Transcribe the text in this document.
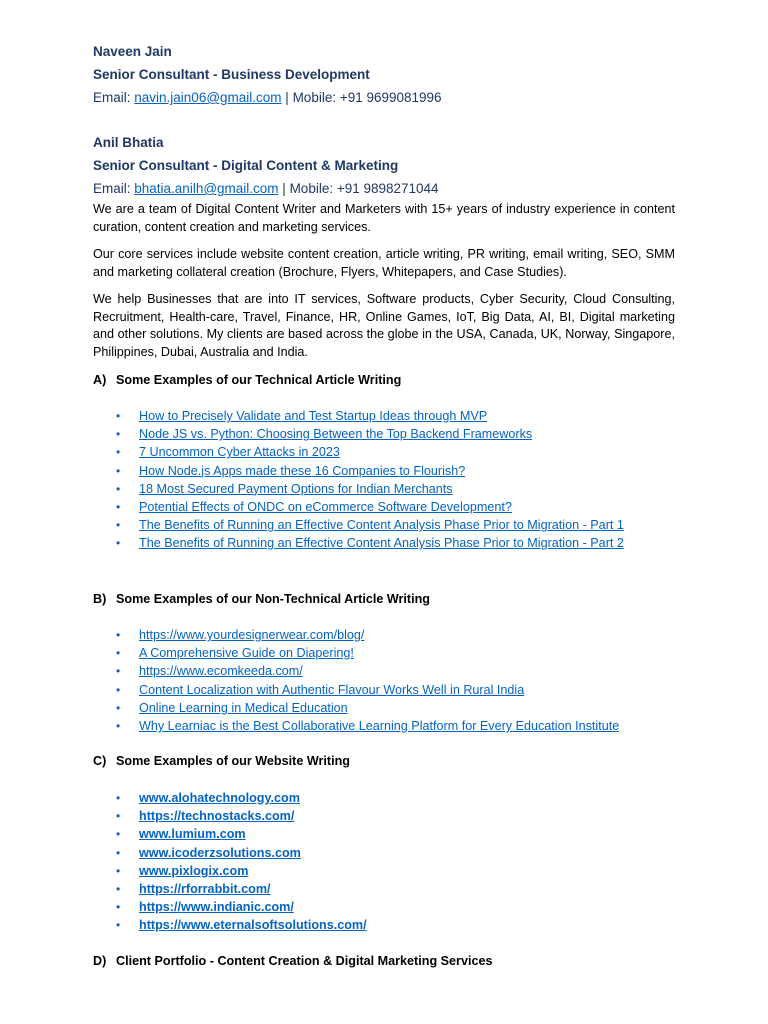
Naveen Jain
Senior Consultant - Business Development
Email: navin.jain06@gmail.com | Mobile: +91 9699081996
Anil Bhatia
Senior Consultant - Digital Content & Marketing
Email: bhatia.anilh@gmail.com | Mobile: +91 9898271044

We are a team of Digital Content Writer and Marketers with 15+ years of industry experience in content curation, content creation and marketing services.

Our core services include website content creation, article writing, PR writing, email writing, SEO, SMM and marketing collateral creation (Brochure, Flyers, Whitepapers, and Case Studies).

We help Businesses that are into IT services, Software products, Cyber Security, Cloud Consulting, Recruitment, Health-care, Travel, Finance, HR, Online Games, IoT, Big Data, AI, BI, Digital marketing and other solutions. My clients are based across the globe in the USA, Canada, UK, Norway, Singapore, Philippines, Dubai, Australia and India.

A) Some Examples of our Technical Article Writing
• How to Precisely Validate and Test Startup Ideas through MVP
• Node JS vs. Python: Choosing Between the Top Backend Frameworks
• 7 Uncommon Cyber Attacks in 2023
• How Node.js Apps made these 16 Companies to Flourish?
• 18 Most Secured Payment Options for Indian Merchants
• Potential Effects of ONDC on eCommerce Software Development?
• The Benefits of Running an Effective Content Analysis Phase Prior to Migration - Part 1
• The Benefits of Running an Effective Content Analysis Phase Prior to Migration - Part 2
B) Some Examples of our Non-Technical Article Writing
• https://www.yourdesignerwear.com/blog/
• A Comprehensive Guide on Diapering!
• https://www.ecomkeeda.com/
• Content Localization with Authentic Flavour Works Well in Rural India
• Online Learning in Medical Education
• Why Learniac is the Best Collaborative Learning Platform for Every Education Institute
C) Some Examples of our Website Writing
• www.alohatechnology.com
• https://technostacks.com/
• www.lumium.com
• www.icoderzsolutions.com
• www.pixlogix.com
• https://rforrabbit.com/
• https://www.indianic.com/
• https://www.eternalsoftsolutions.com/
D) Client Portfolio - Content Creation & Digital Marketing Services
